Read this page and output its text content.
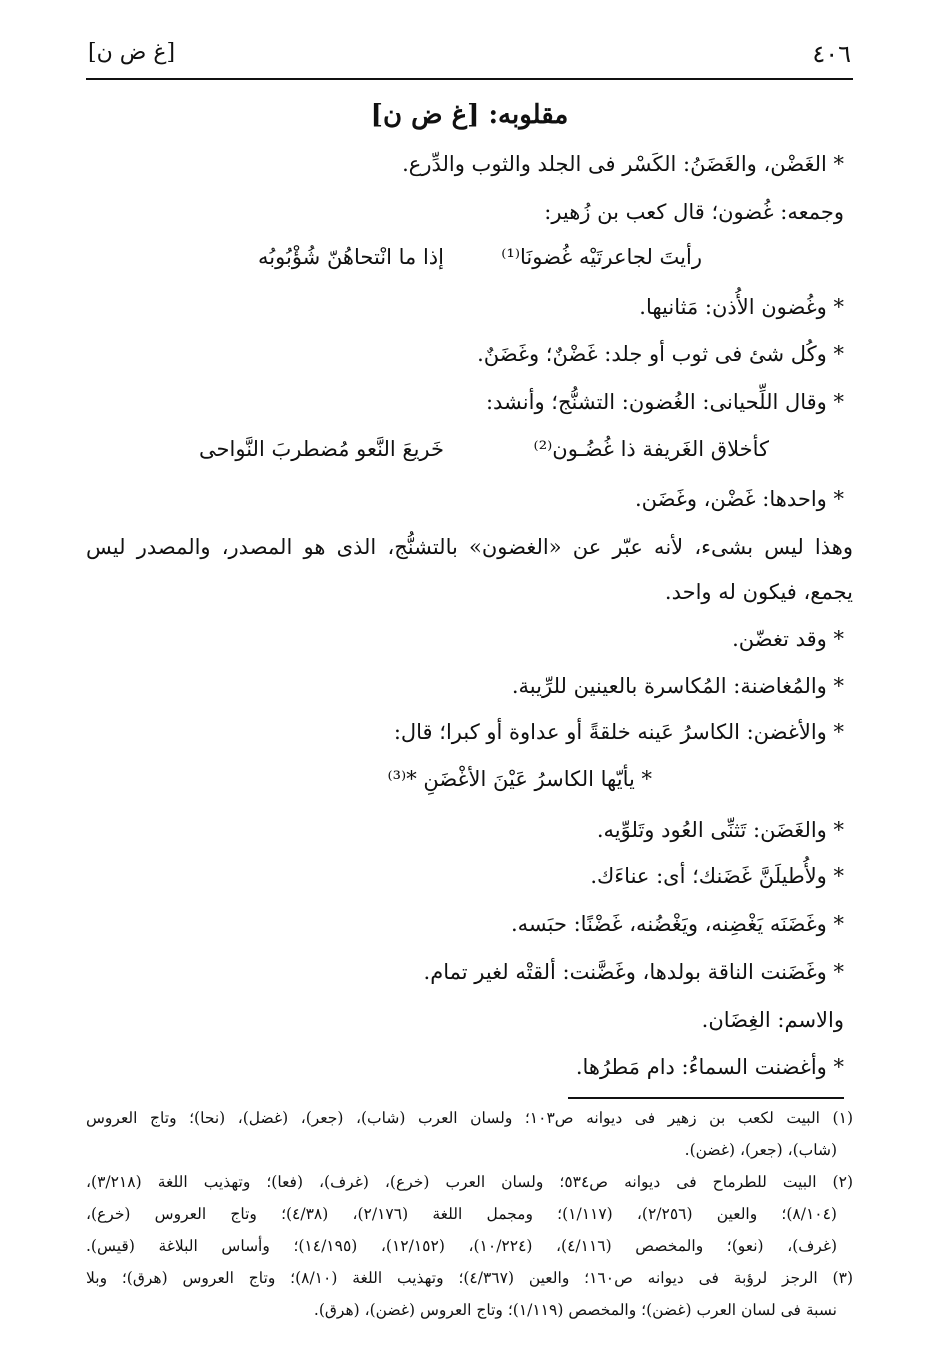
٤٠٦
[غ ض ن]
مقلوبه: [غ ض ن]
* الغَضْن، والغَضَنُ: الكَسْر فى الجلد والثوب والدِّرع.
وجمعه: غُضون؛ قال كعب بن زُهير:
رأيتَ لجاعرتَيْه غُضونَا⁽¹⁾
إذا ما انْتحاهُنّ شُؤْبُوبُه
* وغُضون الأُذن: مَثانيها.
* وكُل شئ فى ثوب أو جلد: غَضْنٌ؛ وغَضَنٌ.
* وقال اللِّحيانى: الغُضون: التشنُّج؛ وأنشد:
كأخلاق الغَريفة ذا غُضُـون⁽²⁾
خَريعَ النَّعو مُضطربَ النَّواحى
* واحدها: غَضْن، وغَضَن.
وهذا ليس بشىء، لأنه عبّر عن «الغضون» بالتشنُّج، الذى هو المصدر، والمصدر ليس
يجمع، فيكون له واحد.
* وقد تغضّن.
* والمُغاضنة: المُكاسرة بالعينين للرِّيبة.
* والأغضن: الكاسرُ عَينه خلقةً أو عداوة أو كبرا؛ قال:
* يأيّها الكاسرُ عَيْنَ الأغْضَنِ *⁽³⁾
* والغَضَن: تَثنِّى العُود وتَلوِّيه.
* ولأُطيلَنَّ غَضَنك؛ أى: عناءَك.
* وغَضَنَه يَغْضِنه، ويَغْضُنه، غَضْنًا: حبَسه.
* وغَضَنت الناقة بولدها، وغَضَّنت: ألقتْه لغير تمام.
والاسم: الغِضَان.
* وأغضنت السماءُ: دام مَطرُها.
(١) البيت لكعب بن زهير فى ديوانه ص١٠٣؛ ولسان العرب (شاب)، (جعر)، (غضل)، (نحا)؛ وتاج العروس
(شاب)، (جعر)، (غضن).
(٢) البيت للطرماح فى ديوانه ص٥٣٤؛ ولسان العرب (خرع)، (غرف)، (فعا)؛ وتهذيب اللغة (٣/٢١٨)،
(٨/١٠٤)؛ والعين (٢/٢٥٦)، (١/١١٧)؛ ومجمل اللغة (٢/١٧٦)، (٤/٣٨)؛ وتاج العروس (خرع)،
(غرف)، (نعو)؛ والمخصص (٤/١١٦)، (١٠/٢٢٤)، (١٢/١٥٢)، (١٤/١٩٥)؛ وأساس البلاغة (قيس).
(٣) الرجز لرؤبة فى ديوانه ص١٦٠؛ والعين (٤/٣٦٧)؛ وتهذيب اللغة (٨/١٠)؛ وتاج العروس (هرق)؛ وبلا
نسبة فى لسان العرب (غضن)؛ والمخصص (١/١١٩)؛ وتاج العروس (غضن)، (هرق).
